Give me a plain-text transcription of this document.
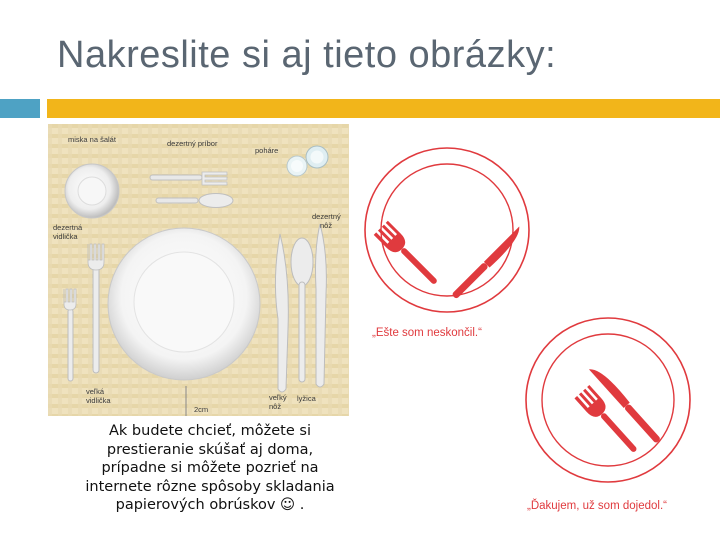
Nakreslite si aj tieto obrázky:
miska na šalát	dezertný príbor
poháre
dezertný
nôž
dezertná
vidlička
veľká
vidlička
2cm
veľký
nôž
lyžica
Ak budete chcieť, môžete si
prestieranie skúšať aj doma,
prípadne si môžete pozrieť na
internete rôzne spôsoby skladania
papierových obrúskov ☺ .
„Ešte som neskončil.“
„Ďakujem, už som dojedol.“
